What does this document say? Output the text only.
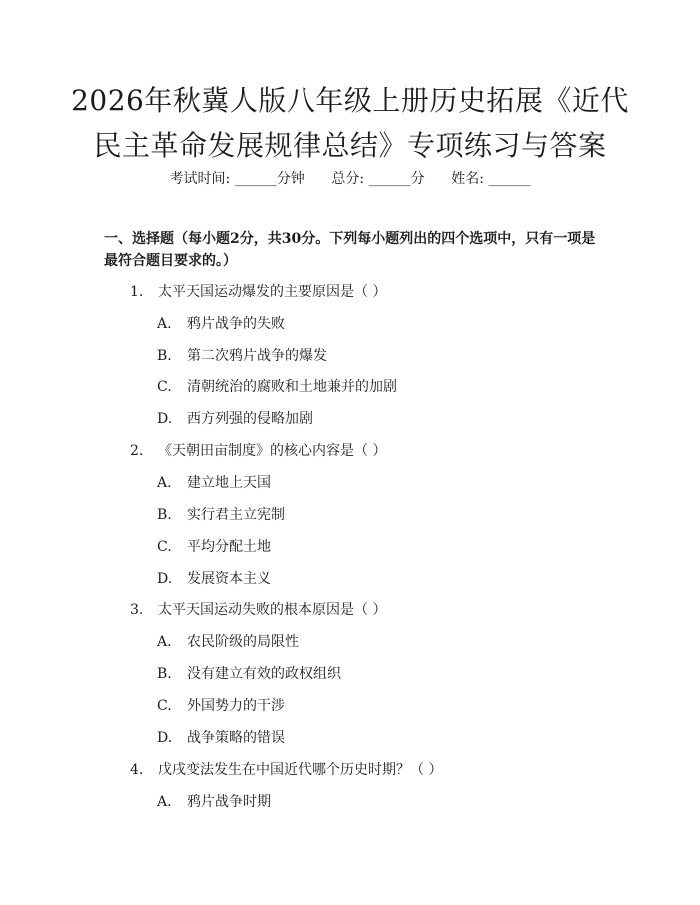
2026年秋冀人版八年级上册历史拓展《近代
民主革命发展规律总结》专项练习与答案
考试时间: ______分钟      总分: ______分      姓名: ______

一、选择题（每小题2分，共30分。下列每小题列出的四个选项中，只有一项是最符合题目要求的。）

1. 太平天国运动爆发的主要原因是（ ）
A. 鸦片战争的失败
B. 第二次鸦片战争的爆发
C. 清朝统治的腐败和土地兼并的加剧
D. 西方列强的侵略加剧
2. 《天朝田亩制度》的核心内容是（ ）
A. 建立地上天国
B. 实行君主立宪制
C. 平均分配土地
D. 发展资本主义
3. 太平天国运动失败的根本原因是（ ）
A. 农民阶级的局限性
B. 没有建立有效的政权组织
C. 外国势力的干涉
D. 战争策略的错误
4. 戊戌变法发生在中国近代哪个历史时期？（ ）
A. 鸦片战争时期
